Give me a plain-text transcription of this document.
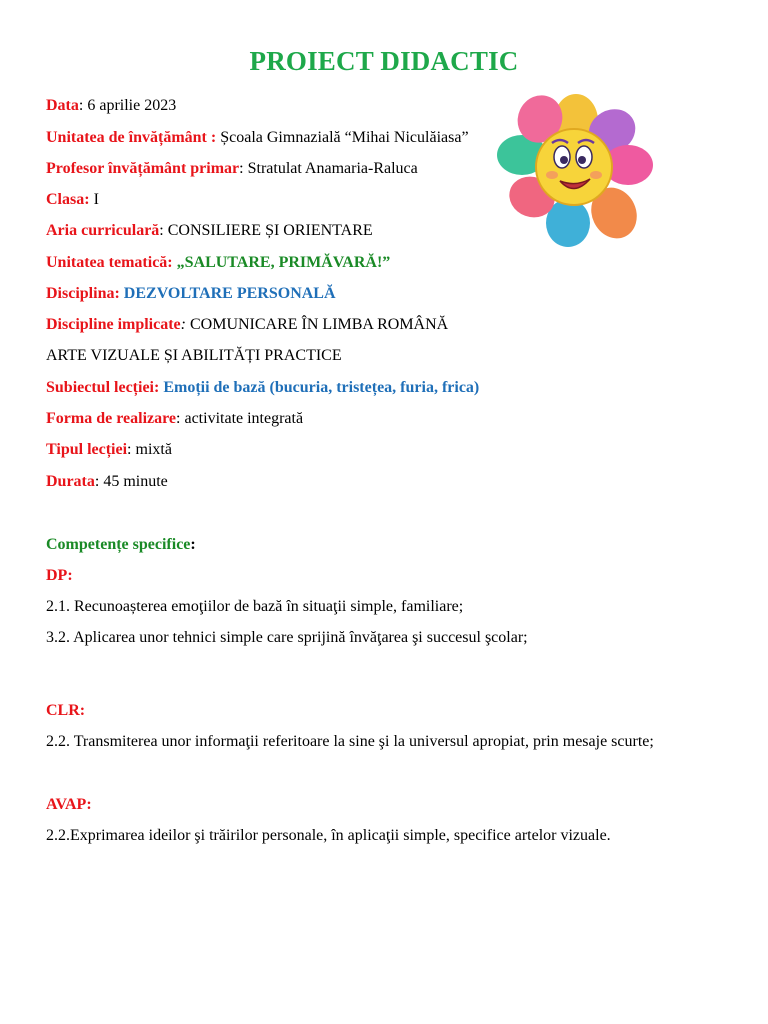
PROIECT DIDACTIC
Data: 6 aprilie 2023
Unitatea de învățământ : Școala Gimnazială “Mihai Niculăiasa”
Profesor învățământ primar: Stratulat Anamaria-Raluca
Clasa: I
Aria curriculară: CONSILIERE ȘI ORIENTARE
Unitatea tematică: „SALUTARE, PRIMĂVARĂ!”
Disciplina: DEZVOLTARE PERSONALĂ
Discipline implicate: COMUNICARE ÎN LIMBA ROMÂNĂ
ARTE VIZUALE ȘI ABILITĂȚI PRACTICE
Subiectul lecției: Emoții de bază (bucuria, tristețea, furia, frica)
Forma de realizare: activitate integrată
Tipul lecției: mixtă
Durata: 45 minute
Competențe specifice:
DP:
2.1. Recunoașterea emoţiilor de bază în situaţii simple, familiare;
3.2. Aplicarea unor tehnici simple care sprijină învăţarea şi succesul şcolar;
CLR:
2.2. Transmiterea unor informaţii referitoare la sine şi la universul apropiat, prin mesaje scurte;
AVAP:
2.2.Exprimarea ideilor şi trăirilor personale, în aplicaţii simple, specifice artelor vizuale.
